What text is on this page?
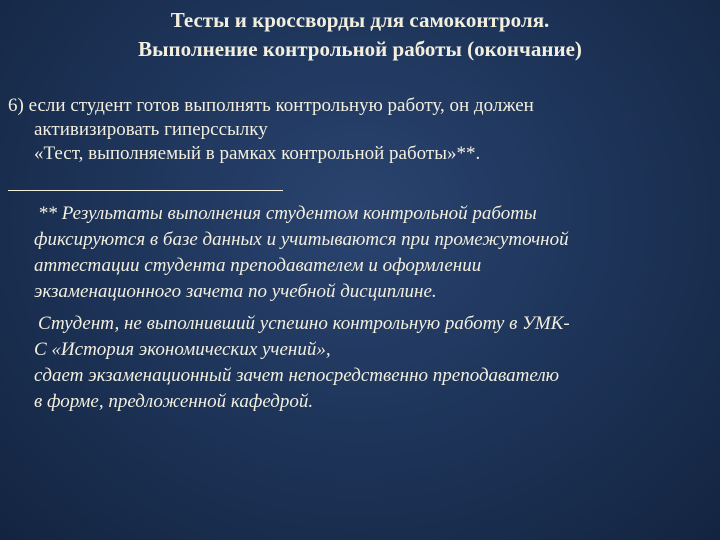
Тесты и кроссворды для самоконтроля.
Выполнение контрольной работы (окончание)
6) если студент готов выполнять контрольную работу, он должен
активизировать гиперссылку
«Тест, выполняемый в рамках контрольной работы»**.
** Результаты выполнения студентом контрольной работы
фиксируются в базе данных и учитываются при промежуточной
аттестации студента преподавателем и оформлении
экзаменационного зачета по учебной дисциплине.
Студент, не выполнивший успешно контрольную работу в УМК-
С «История экономических учений»,
сдает экзаменационный зачет непосредственно преподавателю
в форме, предложенной кафедрой.
